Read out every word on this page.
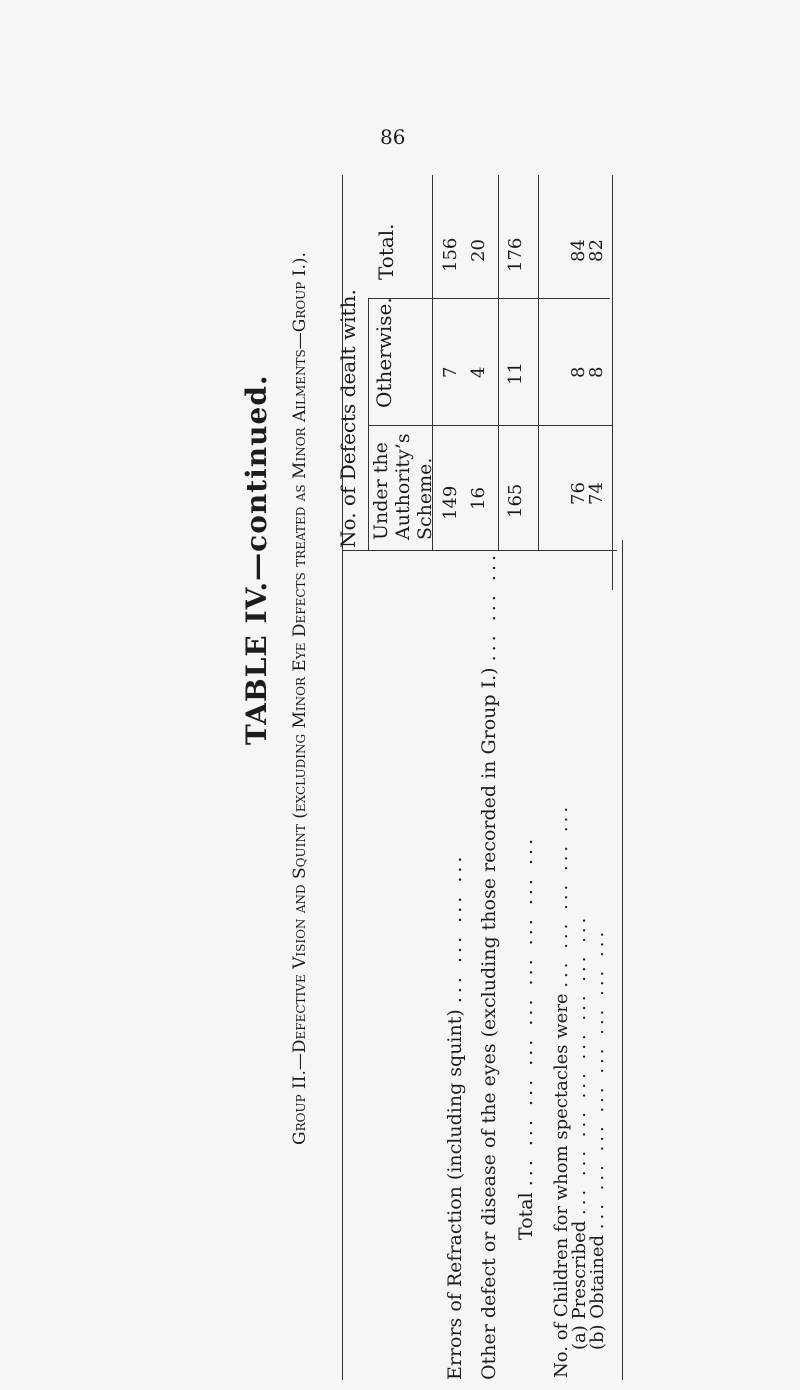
86
TABLE IV.—continued.
Group II.—Defective Vision and Squint (excluding Minor Eye Defects treated as Minor Ailments—Group I.). No. of Defects dealt with. Under the Authority’s Scheme.
Otherwise.
Total.
Errors of Refraction (including squint) ... ... ... ... Other defect or disease of the eyes (excluding those recorded in Group I.) ... ... ...
Total ... ... ... ... ... ... ... ... ... No. of Children for whom spectacles were ... ... ... ... ...
(a) Prescribed ... ... ... ... ... ... ... ...
(b) Obtained ... ... ... ... ... ... ... ...
149 16 165 76
74
7 4 11 8
8
156 20 176 84
82
